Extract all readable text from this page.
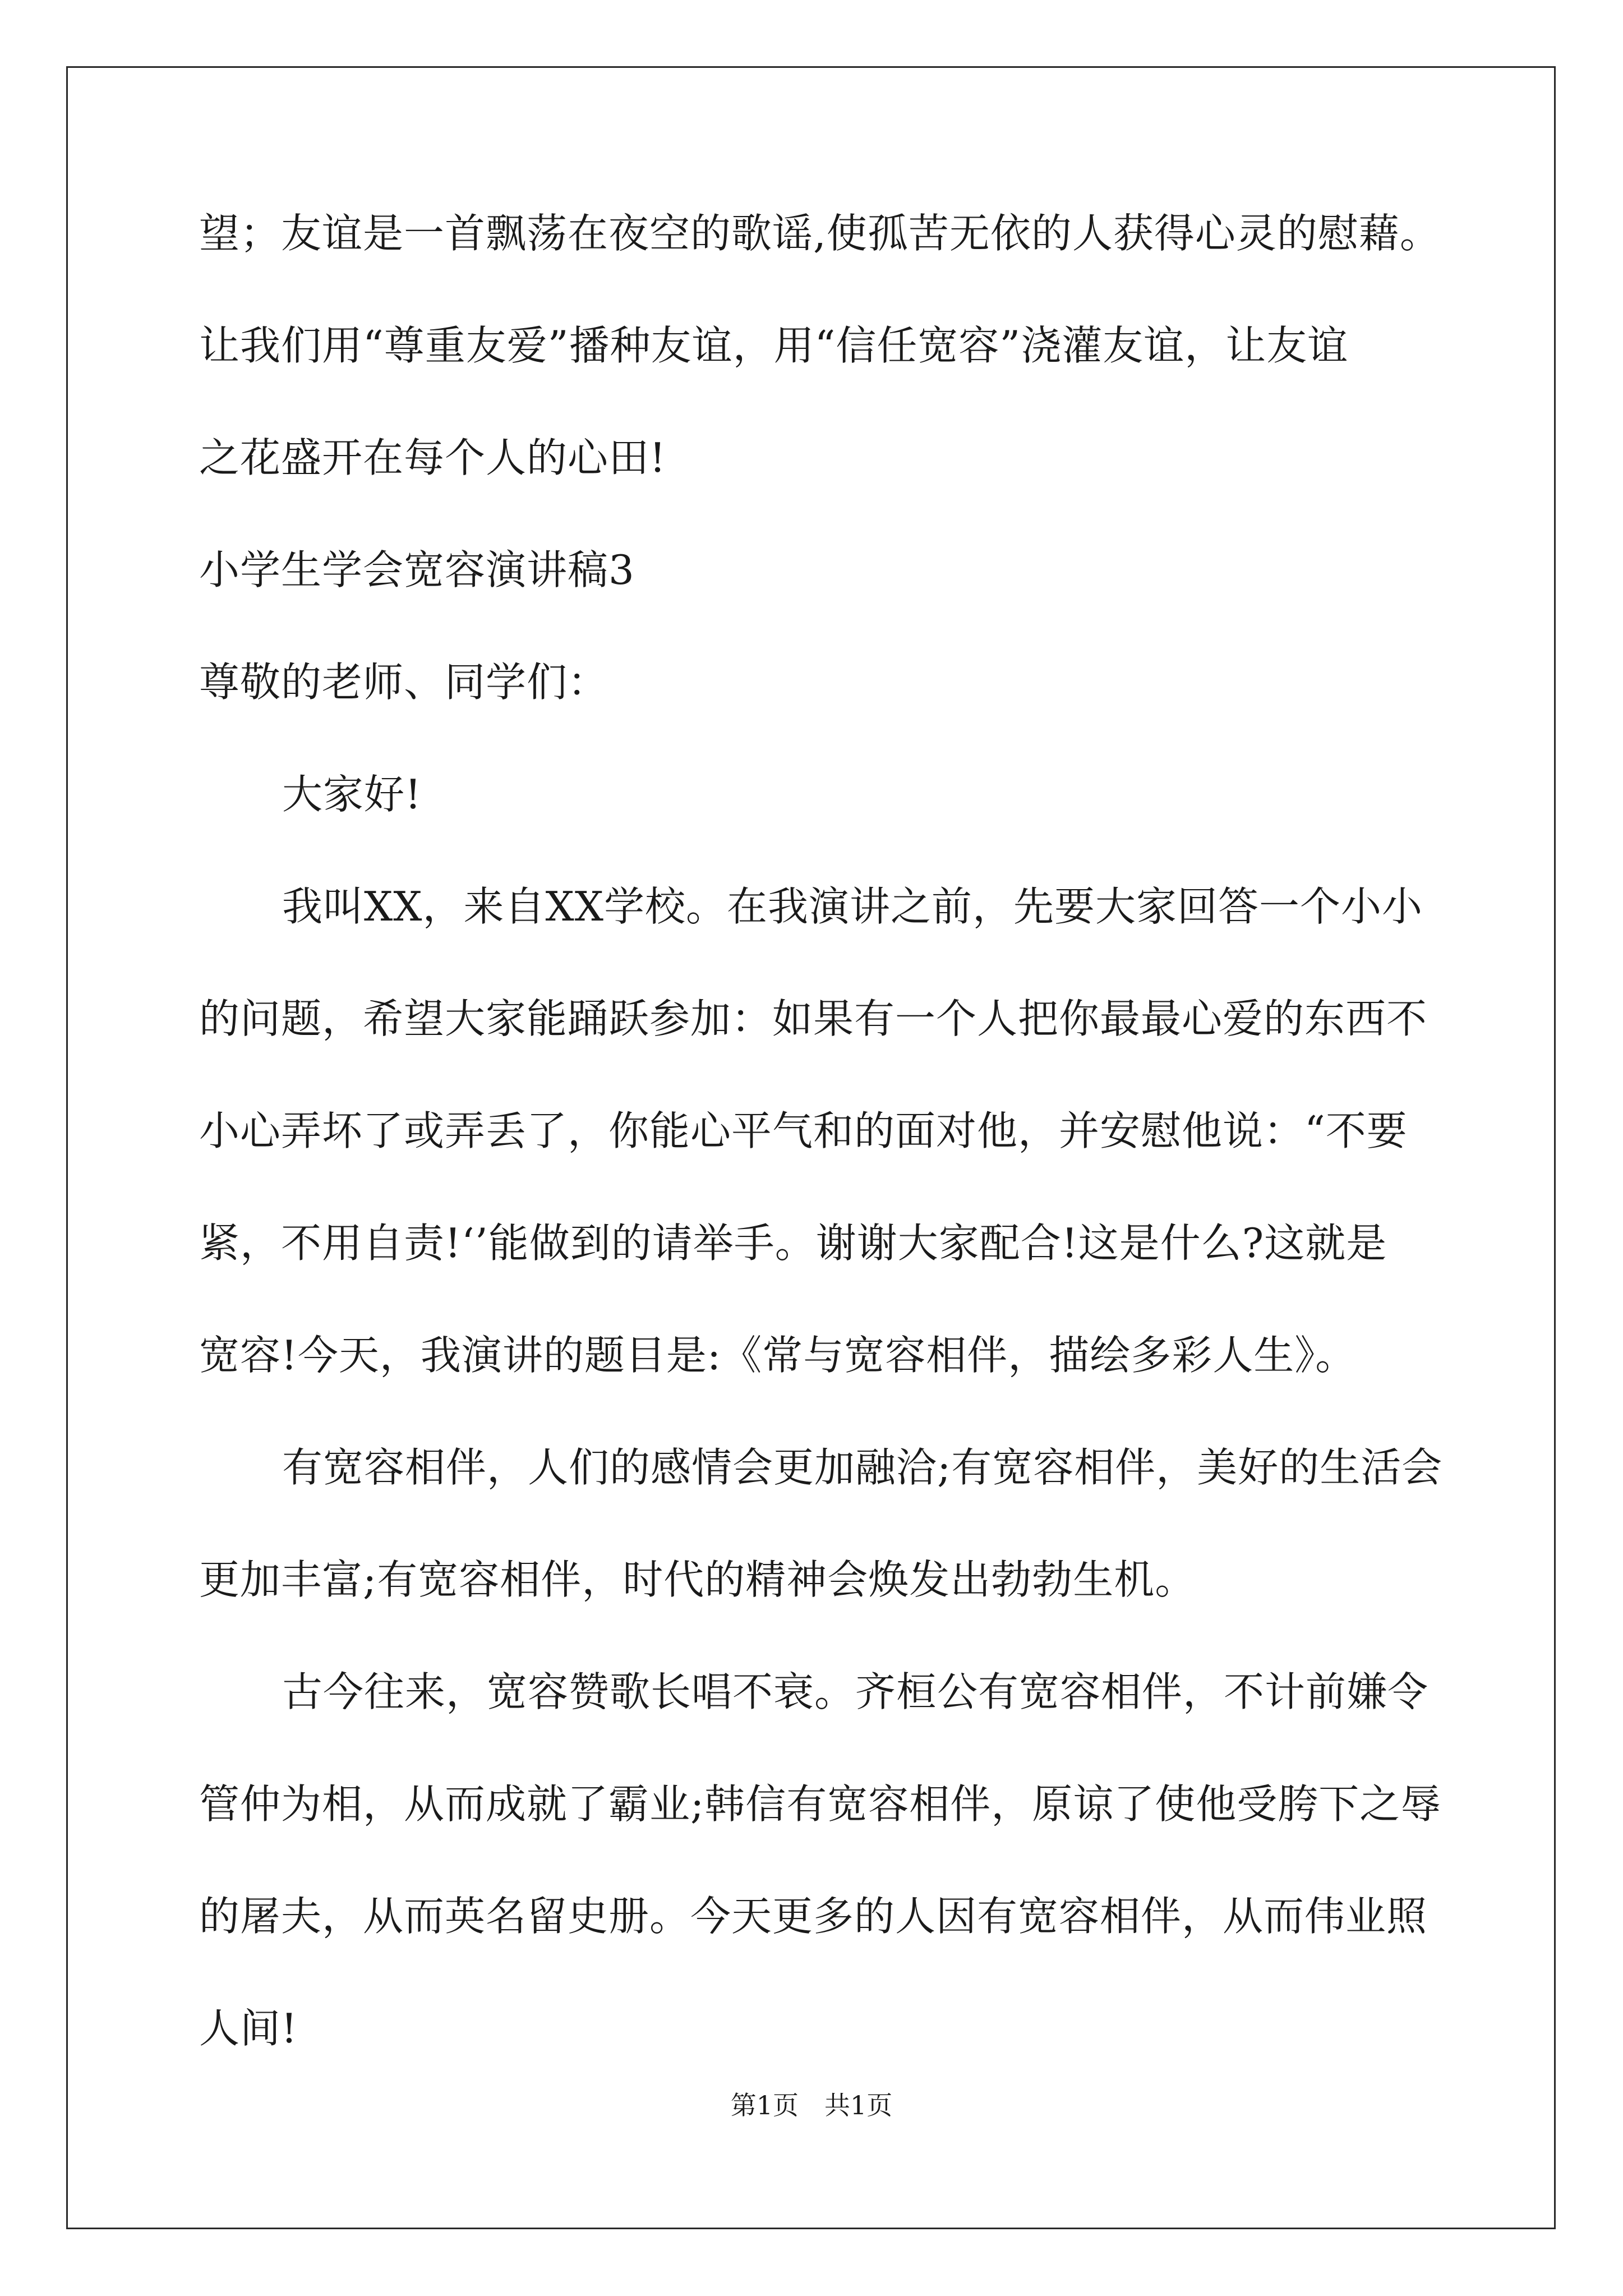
望；友谊是一首飘荡在夜空的歌谣,使孤苦无依的人获得心灵的慰藉。
让我们用“尊重友爱”播种友谊，用“信任宽容”浇灌友谊，让友谊
之花盛开在每个人的心田!
小学生学会宽容演讲稿3
尊敬的老师、同学们：
大家好!
我叫XX，来自XX学校。在我演讲之前，先要大家回答一个小小
的问题，希望大家能踊跃参加：如果有一个人把你最最心爱的东西不
小心弄坏了或弄丢了，你能心平气和的面对他，并安慰他说：“不要
紧，不用自责!‘’能做到的请举手。谢谢大家配合!这是什么?这就是
宽容!今天，我演讲的题目是:《常与宽容相伴，描绘多彩人生》。
有宽容相伴，人们的感情会更加融洽;有宽容相伴，美好的生活会
更加丰富;有宽容相伴，时代的精神会焕发出勃勃生机。
古今往来，宽容赞歌长唱不衰。齐桓公有宽容相伴，不计前嫌令
管仲为相，从而成就了霸业;韩信有宽容相伴，原谅了使他受胯下之辱
的屠夫，从而英名留史册。今天更多的人因有宽容相伴，从而伟业照
人间!
第1页　共1页
